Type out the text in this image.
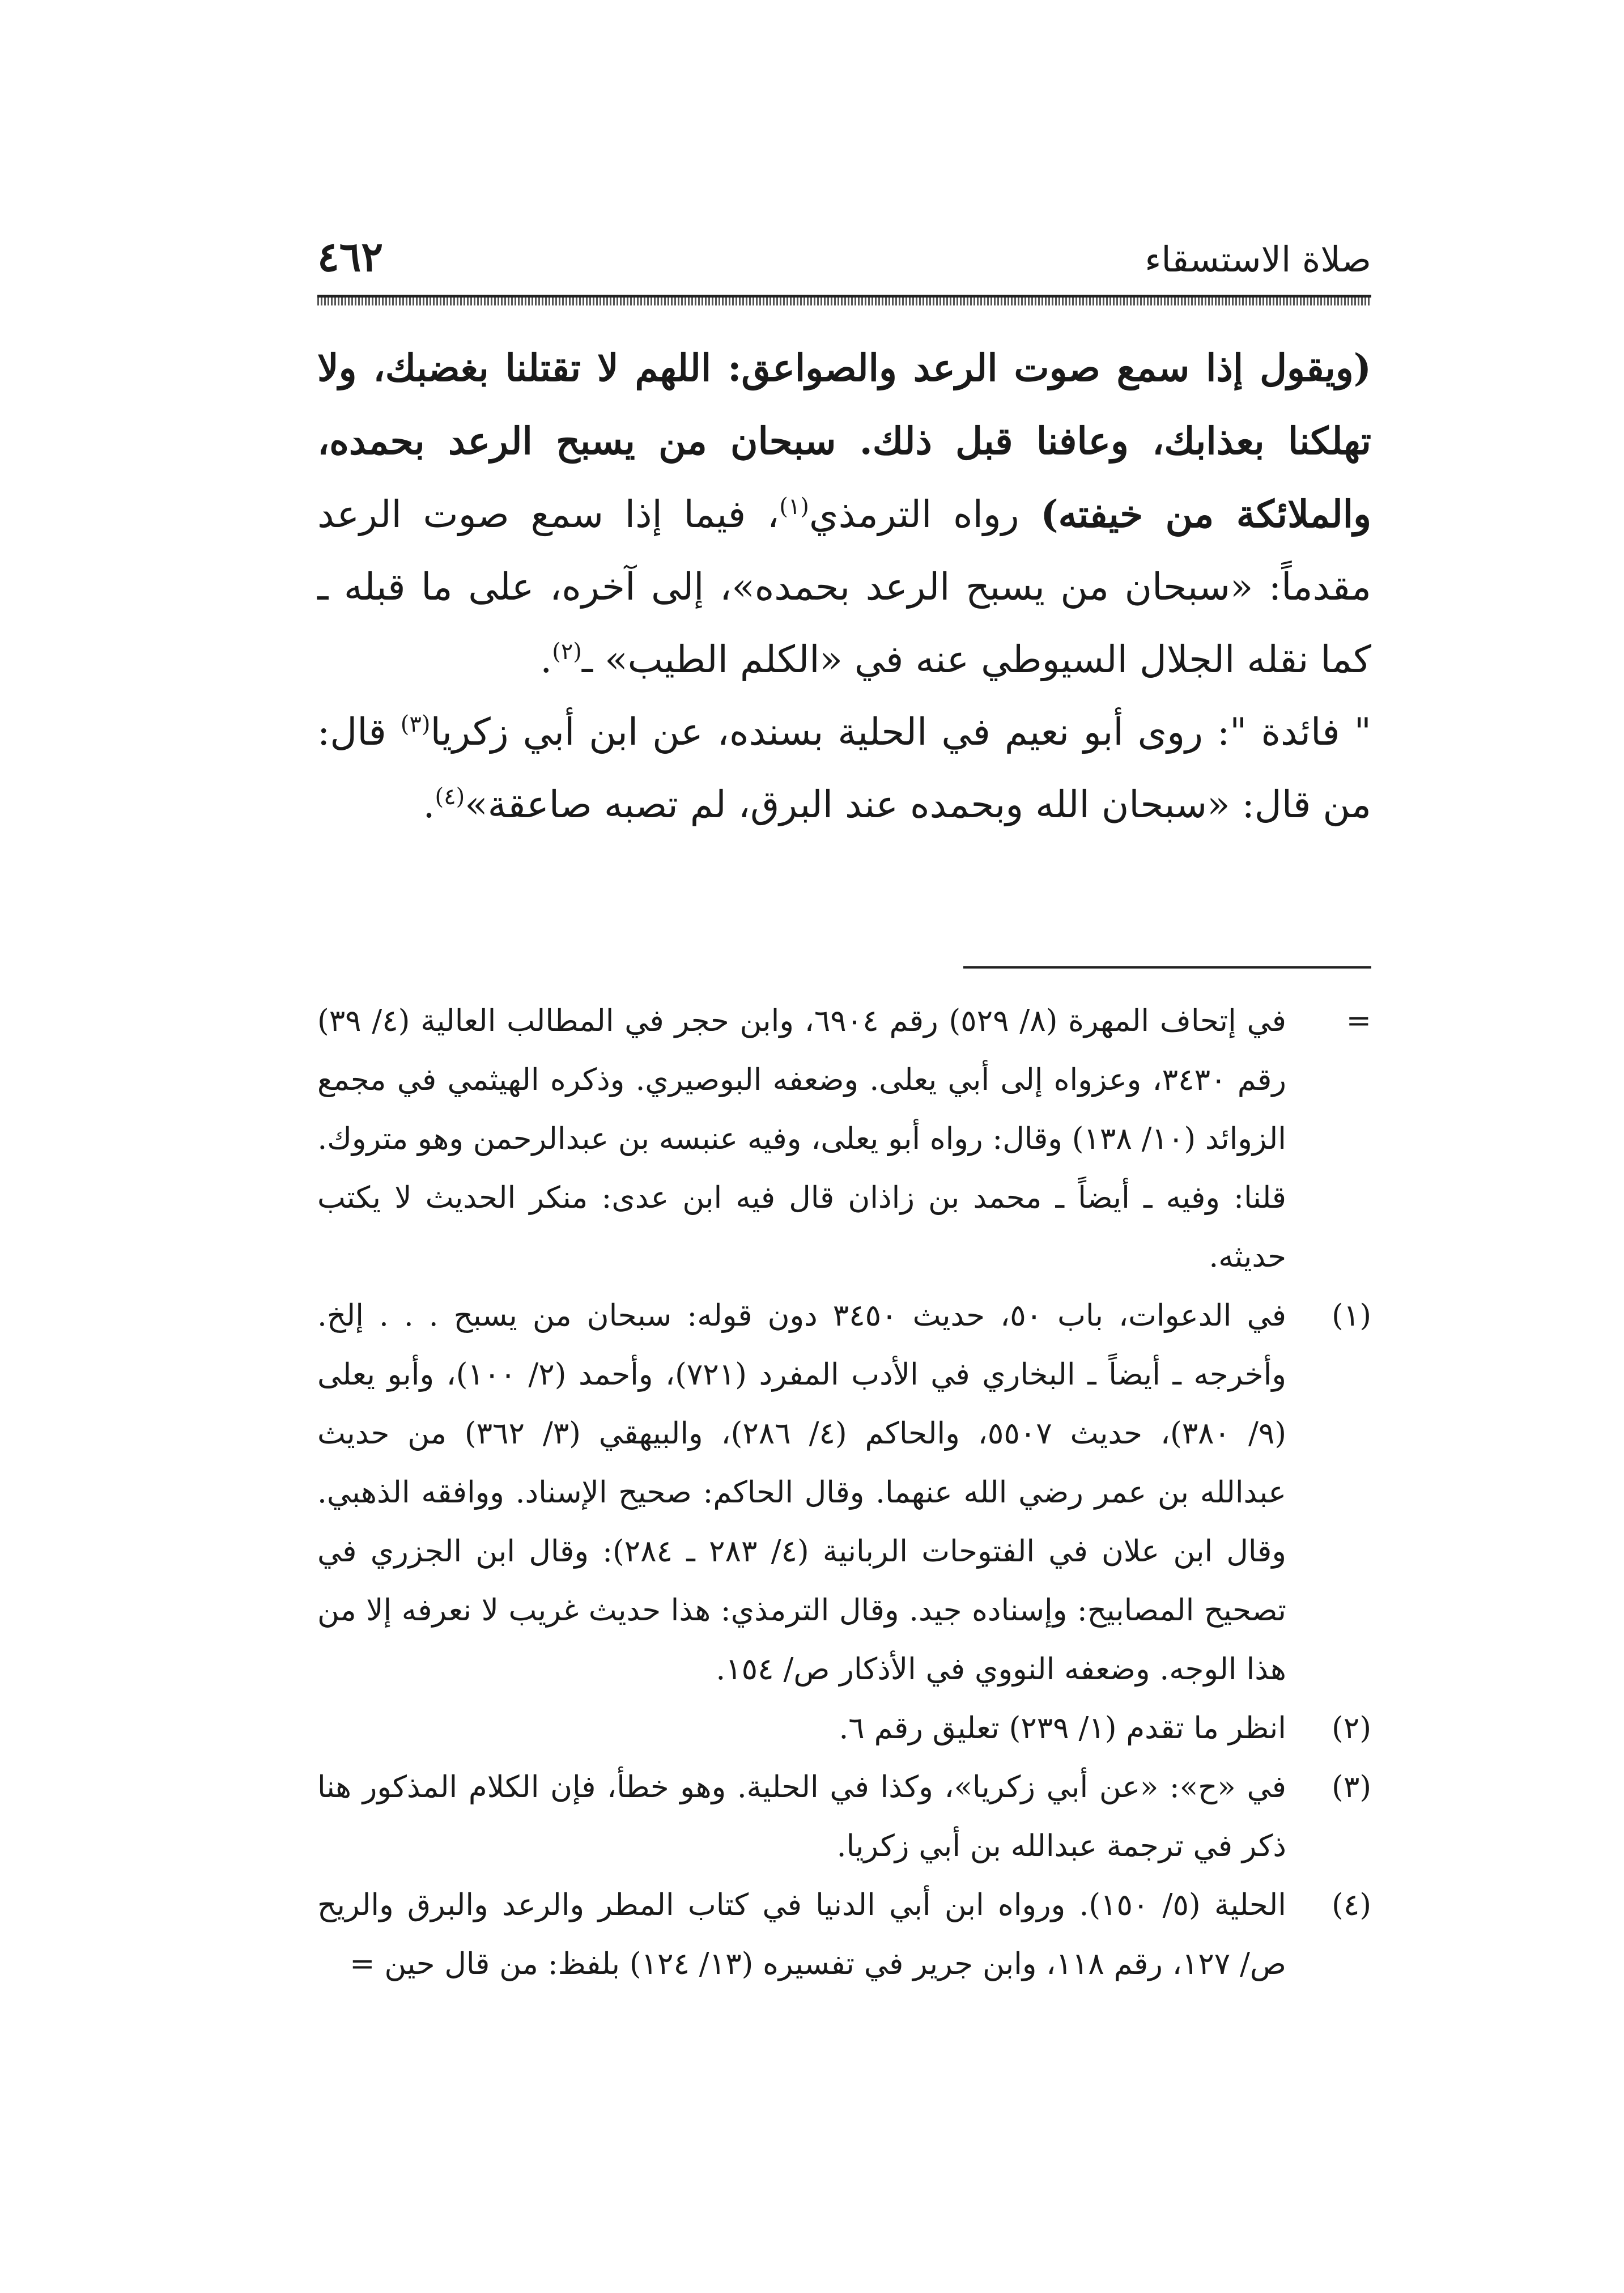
صلاة الاستسقاء
٤٦٢

(ويقول إذا سمع صوت الرعد والصواعق: اللهم لا تقتلنا بغضبك، ولا تهلكنا بعذابك، وعافنا قبل ذلك. سبحان من يسبح الرعد بحمده، والملائكة من خيفته) رواه الترمذي$^{(١)}$، فيما إذا سمع صوت الرعد مقدماً: «سبحان من يسبح الرعد بحمده»، إلى آخره، على ما قبله ـ كما نقله الجلال السيوطي عنه في «الكلم الطيب» ـ$^{(٢)}$.

" فائدة ": روى أبو نعيم في الحلية بسنده، عن ابن أبي زكريا$^{(٣)}$ قال: من قال: «سبحان الله وبحمده عند البرق، لم تصبه صاعقة»$^{(٤)}$.

=

في إتحاف المهرة (٨/ ٥٢٩) رقم ٦٩٠٤، وابن حجر في المطالب العالية (٤/ ٣٩) رقم ٣٤٣٠، وعزواه إلى أبي يعلى. وضعفه البوصيري. وذكره الهيثمي في مجمع الزوائد (١٠/ ١٣٨) وقال: رواه أبو يعلى، وفيه عنبسه بن عبدالرحمن وهو متروك.

قلنا: وفيه ـ أيضاً ـ محمد بن زاذان قال فيه ابن عدى: منكر الحديث لا يكتب حديثه.

(١)

في الدعوات، باب ٥٠، حديث ٣٤٥٠ دون قوله: سبحان من يسبح . . . إلخ. وأخرجه ـ أيضاً ـ البخاري في الأدب المفرد (٧٢١)، وأحمد (٢/ ١٠٠)، وأبو يعلى (٩/ ٣٨٠)، حديث ٥٥٠٧، والحاكم (٤/ ٢٨٦)، والبيهقي (٣/ ٣٦٢) من حديث عبدالله بن عمر رضي الله عنهما. وقال الحاكم: صحيح الإسناد. ووافقه الذهبي. وقال ابن علان في الفتوحات الربانية (٤/ ٢٨٣ ـ ٢٨٤): وقال ابن الجزري في تصحيح المصابيح: وإسناده جيد. وقال الترمذي: هذا حديث غريب لا نعرفه إلا من هذا الوجه. وضعفه النووي في الأذكار ص/ ١٥٤.

(٢)

انظر ما تقدم (١/ ٢٣٩) تعليق رقم ٦.

(٣)

في «ح»: «عن أبي زكريا»، وكذا في الحلية. وهو خطأ، فإن الكلام المذكور هنا ذكر في ترجمة عبدالله بن أبي زكريا.

(٤)

الحلية (٥/ ١٥٠). ورواه ابن أبي الدنيا في كتاب المطر والرعد والبرق والريح ص/ ١٢٧، رقم ١١٨، وابن جرير في تفسيره (١٣/ ١٢٤) بلفظ: من قال حين =
